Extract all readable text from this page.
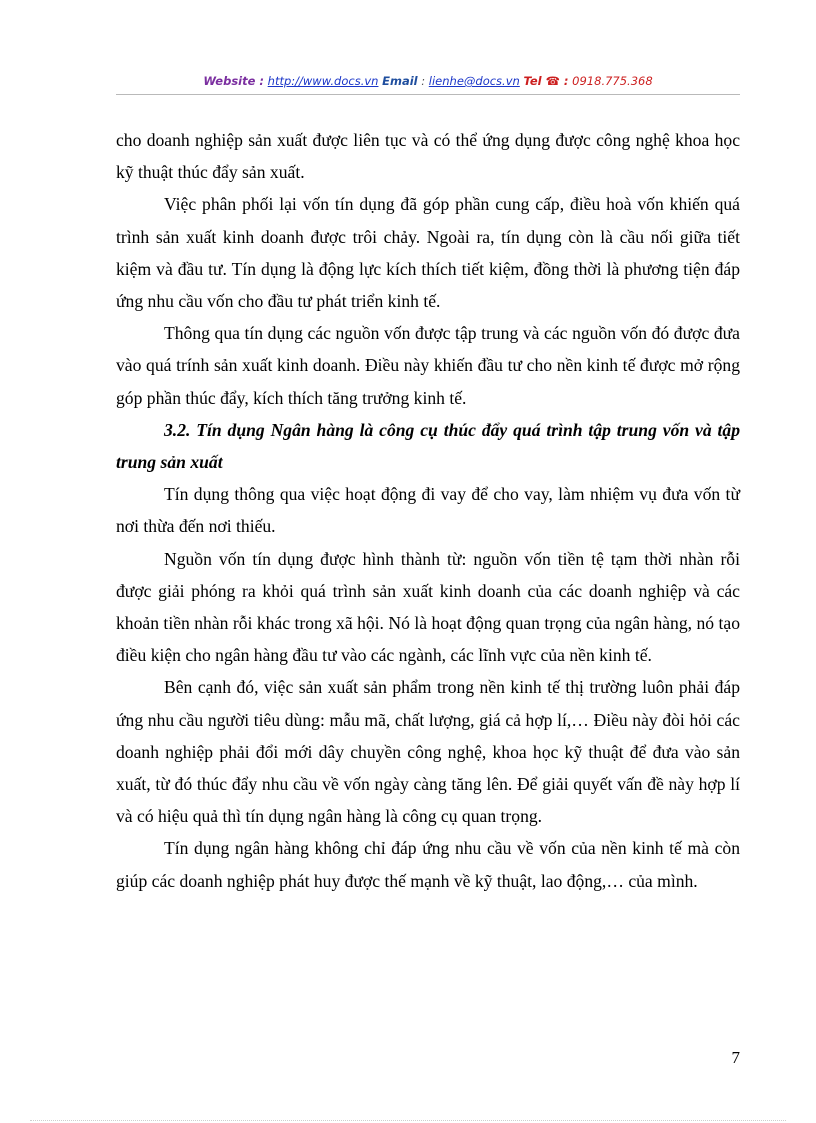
Website : http://www.docs.vn Email : lienhe@docs.vn Tel ☎ : 0918.775.368

cho doanh nghiệp sản xuất được liên tục và có thể ứng dụng được công nghệ khoa học kỹ thuật thúc đẩy sản xuất.

Việc phân phối lại vốn tín dụng đã góp phần cung cấp, điều hoà vốn khiến quá trình sản xuất kinh doanh được trôi chảy. Ngoài ra, tín dụng còn là cầu nối giữa tiết kiệm và đầu tư. Tín dụng là động lực kích thích tiết kiệm, đồng thời là phương tiện đáp ứng nhu cầu vốn cho đầu tư phát triển kinh tế.

Thông qua tín dụng các nguồn vốn được tập trung và các nguồn vốn đó được đưa vào quá trính sản xuất kinh doanh. Điều này khiến đầu tư cho nền kinh tế được mở rộng góp phần thúc đẩy, kích thích tăng trưởng kinh tế.

3.2. Tín dụng Ngân hàng là công cụ thúc đẩy quá trình tập trung vốn và tập trung sản xuất

Tín dụng thông qua việc hoạt động đi vay để cho vay, làm nhiệm vụ đưa vốn từ nơi thừa đến nơi thiếu.

Nguồn vốn tín dụng được hình thành từ: nguồn vốn tiền tệ tạm thời nhàn rỗi được giải phóng ra khỏi quá trình sản xuất kinh doanh của các doanh nghiệp và các khoản tiền nhàn rỗi khác trong xã hội. Nó là hoạt động quan trọng của ngân hàng, nó tạo điều kiện cho ngân hàng đầu tư vào các ngành, các lĩnh vực của nền kinh tế.

Bên cạnh đó, việc sản xuất sản phẩm trong nền kinh tế thị trường luôn phải đáp ứng nhu cầu người tiêu dùng: mẫu mã, chất lượng, giá cả hợp lí,… Điều này đòi hỏi các doanh nghiệp phải đổi mới dây chuyền công nghệ, khoa học kỹ thuật để đưa vào sản xuất, từ đó thúc đẩy nhu cầu về vốn ngày càng tăng lên. Để giải quyết vấn đề này hợp lí và có hiệu quả thì tín dụng ngân hàng là công cụ quan trọng.

Tín dụng ngân hàng không chỉ đáp ứng nhu cầu về vốn của nền kinh tế mà còn giúp các doanh nghiệp phát huy được thế mạnh về kỹ thuật, lao động,… của mình.

7
